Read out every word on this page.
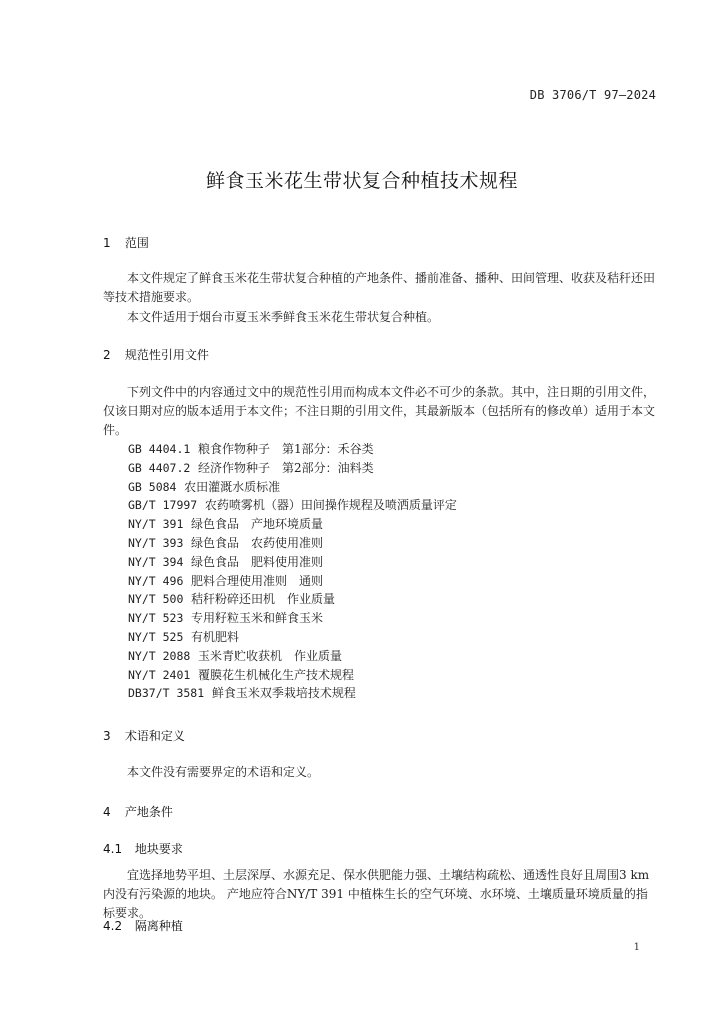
DB 3706/T 97—2024
鲜食玉米花生带状复合种植技术规程
1 范围
本文件规定了鲜食玉米花生带状复合种植的产地条件、播前准备、播种、田间管理、收获及秸秆还田等技术措施要求。
本文件适用于烟台市夏玉米季鲜食玉米花生带状复合种植。
2 规范性引用文件
下列文件中的内容通过文中的规范性引用而构成本文件必不可少的条款。其中，注日期的引用文件，仅该日期对应的版本适用于本文件；不注日期的引用文件，其最新版本（包括所有的修改单）适用于本文件。
GB 4404.1 粮食作物种子　第1部分：禾谷类
GB 4407.2 经济作物种子　第2部分：油料类
GB 5084 农田灌溉水质标准
GB/T 17997 农药喷雾机（器）田间操作规程及喷洒质量评定
NY/T 391 绿色食品　产地环境质量
NY/T 393 绿色食品　农药使用准则
NY/T 394 绿色食品　肥料使用准则
NY/T 496 肥料合理使用准则　通则
NY/T 500 秸秆粉碎还田机　作业质量
NY/T 523 专用籽粒玉米和鲜食玉米
NY/T 525 有机肥料
NY/T 2088 玉米青贮收获机　作业质量
NY/T 2401 覆膜花生机械化生产技术规程
DB37/T 3581 鲜食玉米双季栽培技术规程
3 术语和定义
本文件没有需要界定的术语和定义。
4 产地条件
4.1 地块要求
宜选择地势平坦、土层深厚、水源充足、保水供肥能力强、土壤结构疏松、通透性良好且周围3 km内没有污染源的地块。 产地应符合NY/T 391 中植株生长的空气环境、水环境、土壤质量环境质量的指标要求。
4.2 隔离种植
1
